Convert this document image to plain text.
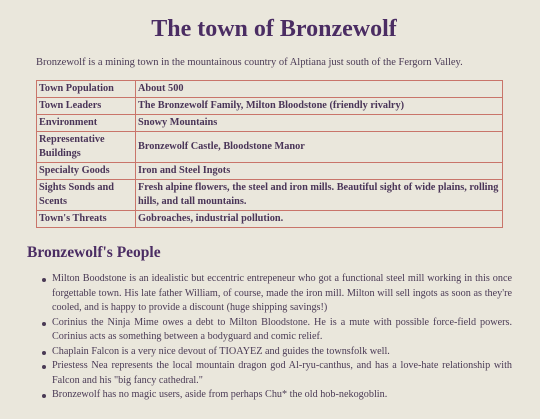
The town of Bronzewolf

Bronzewolf is a mining town in the mountainous country of Alptiana just south of the Fergorn Valley.

Town Population	About 500
Town Leaders	The Bronzewolf Family, Milton Bloodstone (friendly rivalry)
Environment	Snowy Mountains
Representative Buildings	Bronzewolf Castle, Bloodstone Manor
Specialty Goods	Iron and Steel Ingots
Sights Sonds and Scents	Fresh alpine flowers, the steel and iron mills. Beautiful sight of wide plains, rolling hills, and tall mountains.
Town's Threats	Gobroaches, industrial pollution.
Bronzewolf's People
Milton Boodstone is an idealistic but eccentric entrepeneur who got a functional steel mill working in this once forgettable town. His late father William, of course, made the iron mill. Milton will sell ingots as soon as they're cooled, and is happy to provide a discount (huge shipping savings!)
Corinius the Ninja Mime owes a debt to Milton Bloodstone. He is a mute with possible force-field powers. Corinius acts as something between a bodyguard and comic relief.
Chaplain Falcon is a very nice devout of TIOAYEZ and guides the townsfolk well.
Priestess Nea represents the local mountain dragon god Al-ryu-canthus, and has a love-hate relationship with Falcon and his "big fancy cathedral."
Bronzewolf has no magic users, aside from perhaps Chu* the old hob-nekogoblin.
